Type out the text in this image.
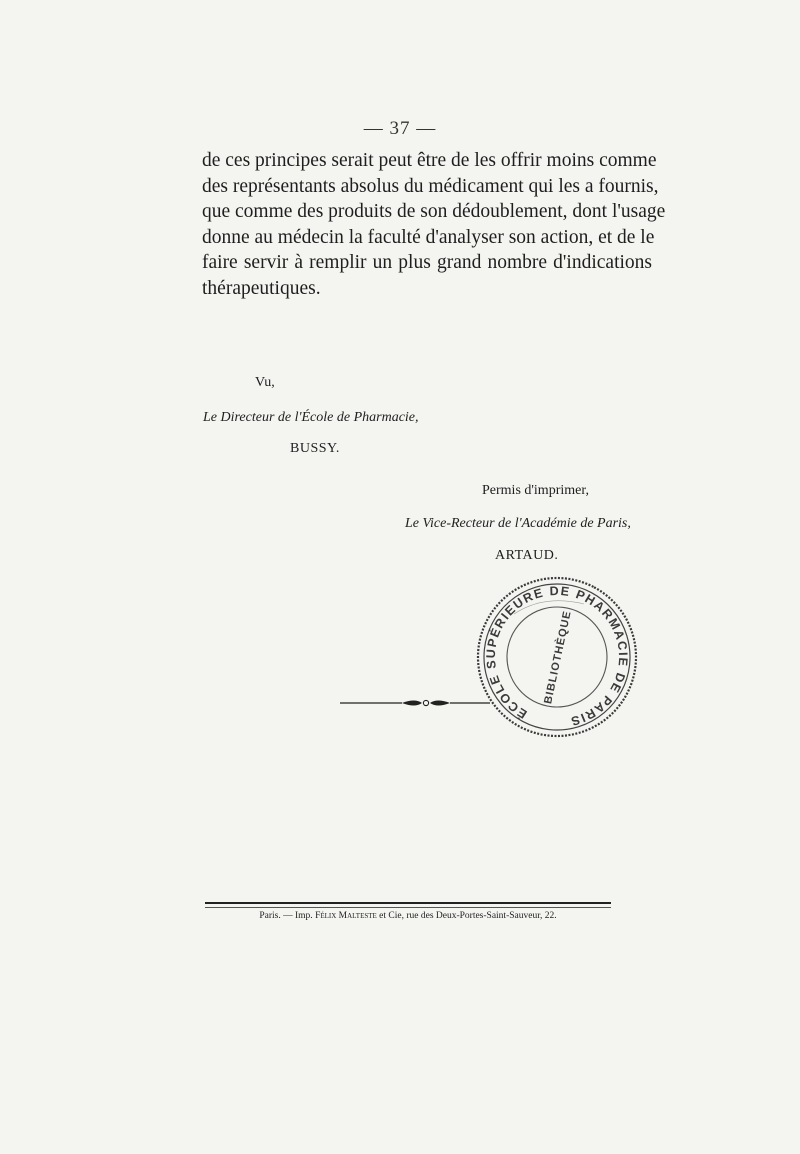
— 37 —
de ces principes serait peut être de les offrir moins comme
des représentants absolus du médicament qui les a fournis,
que comme des produits de son dédoublement, dont l'usage
donne au médecin la faculté d'analyser son action, et de le
faire servir à remplir un plus grand nombre d'indications
thérapeutiques.
Vu,
Le Directeur de l'École de Pharmacie,
BUSSY.
Permis d'imprimer,
Le Vice-Recteur de l'Académie de Paris,
ARTAUD.
ÉCOLE SUPÉRIEURE DE PHARMACIE DE PARIS
BIBLIOTHÈQUE
Paris. — Imp. Félix Malteste et Cie, rue des Deux-Portes-Saint-Sauveur, 22.
